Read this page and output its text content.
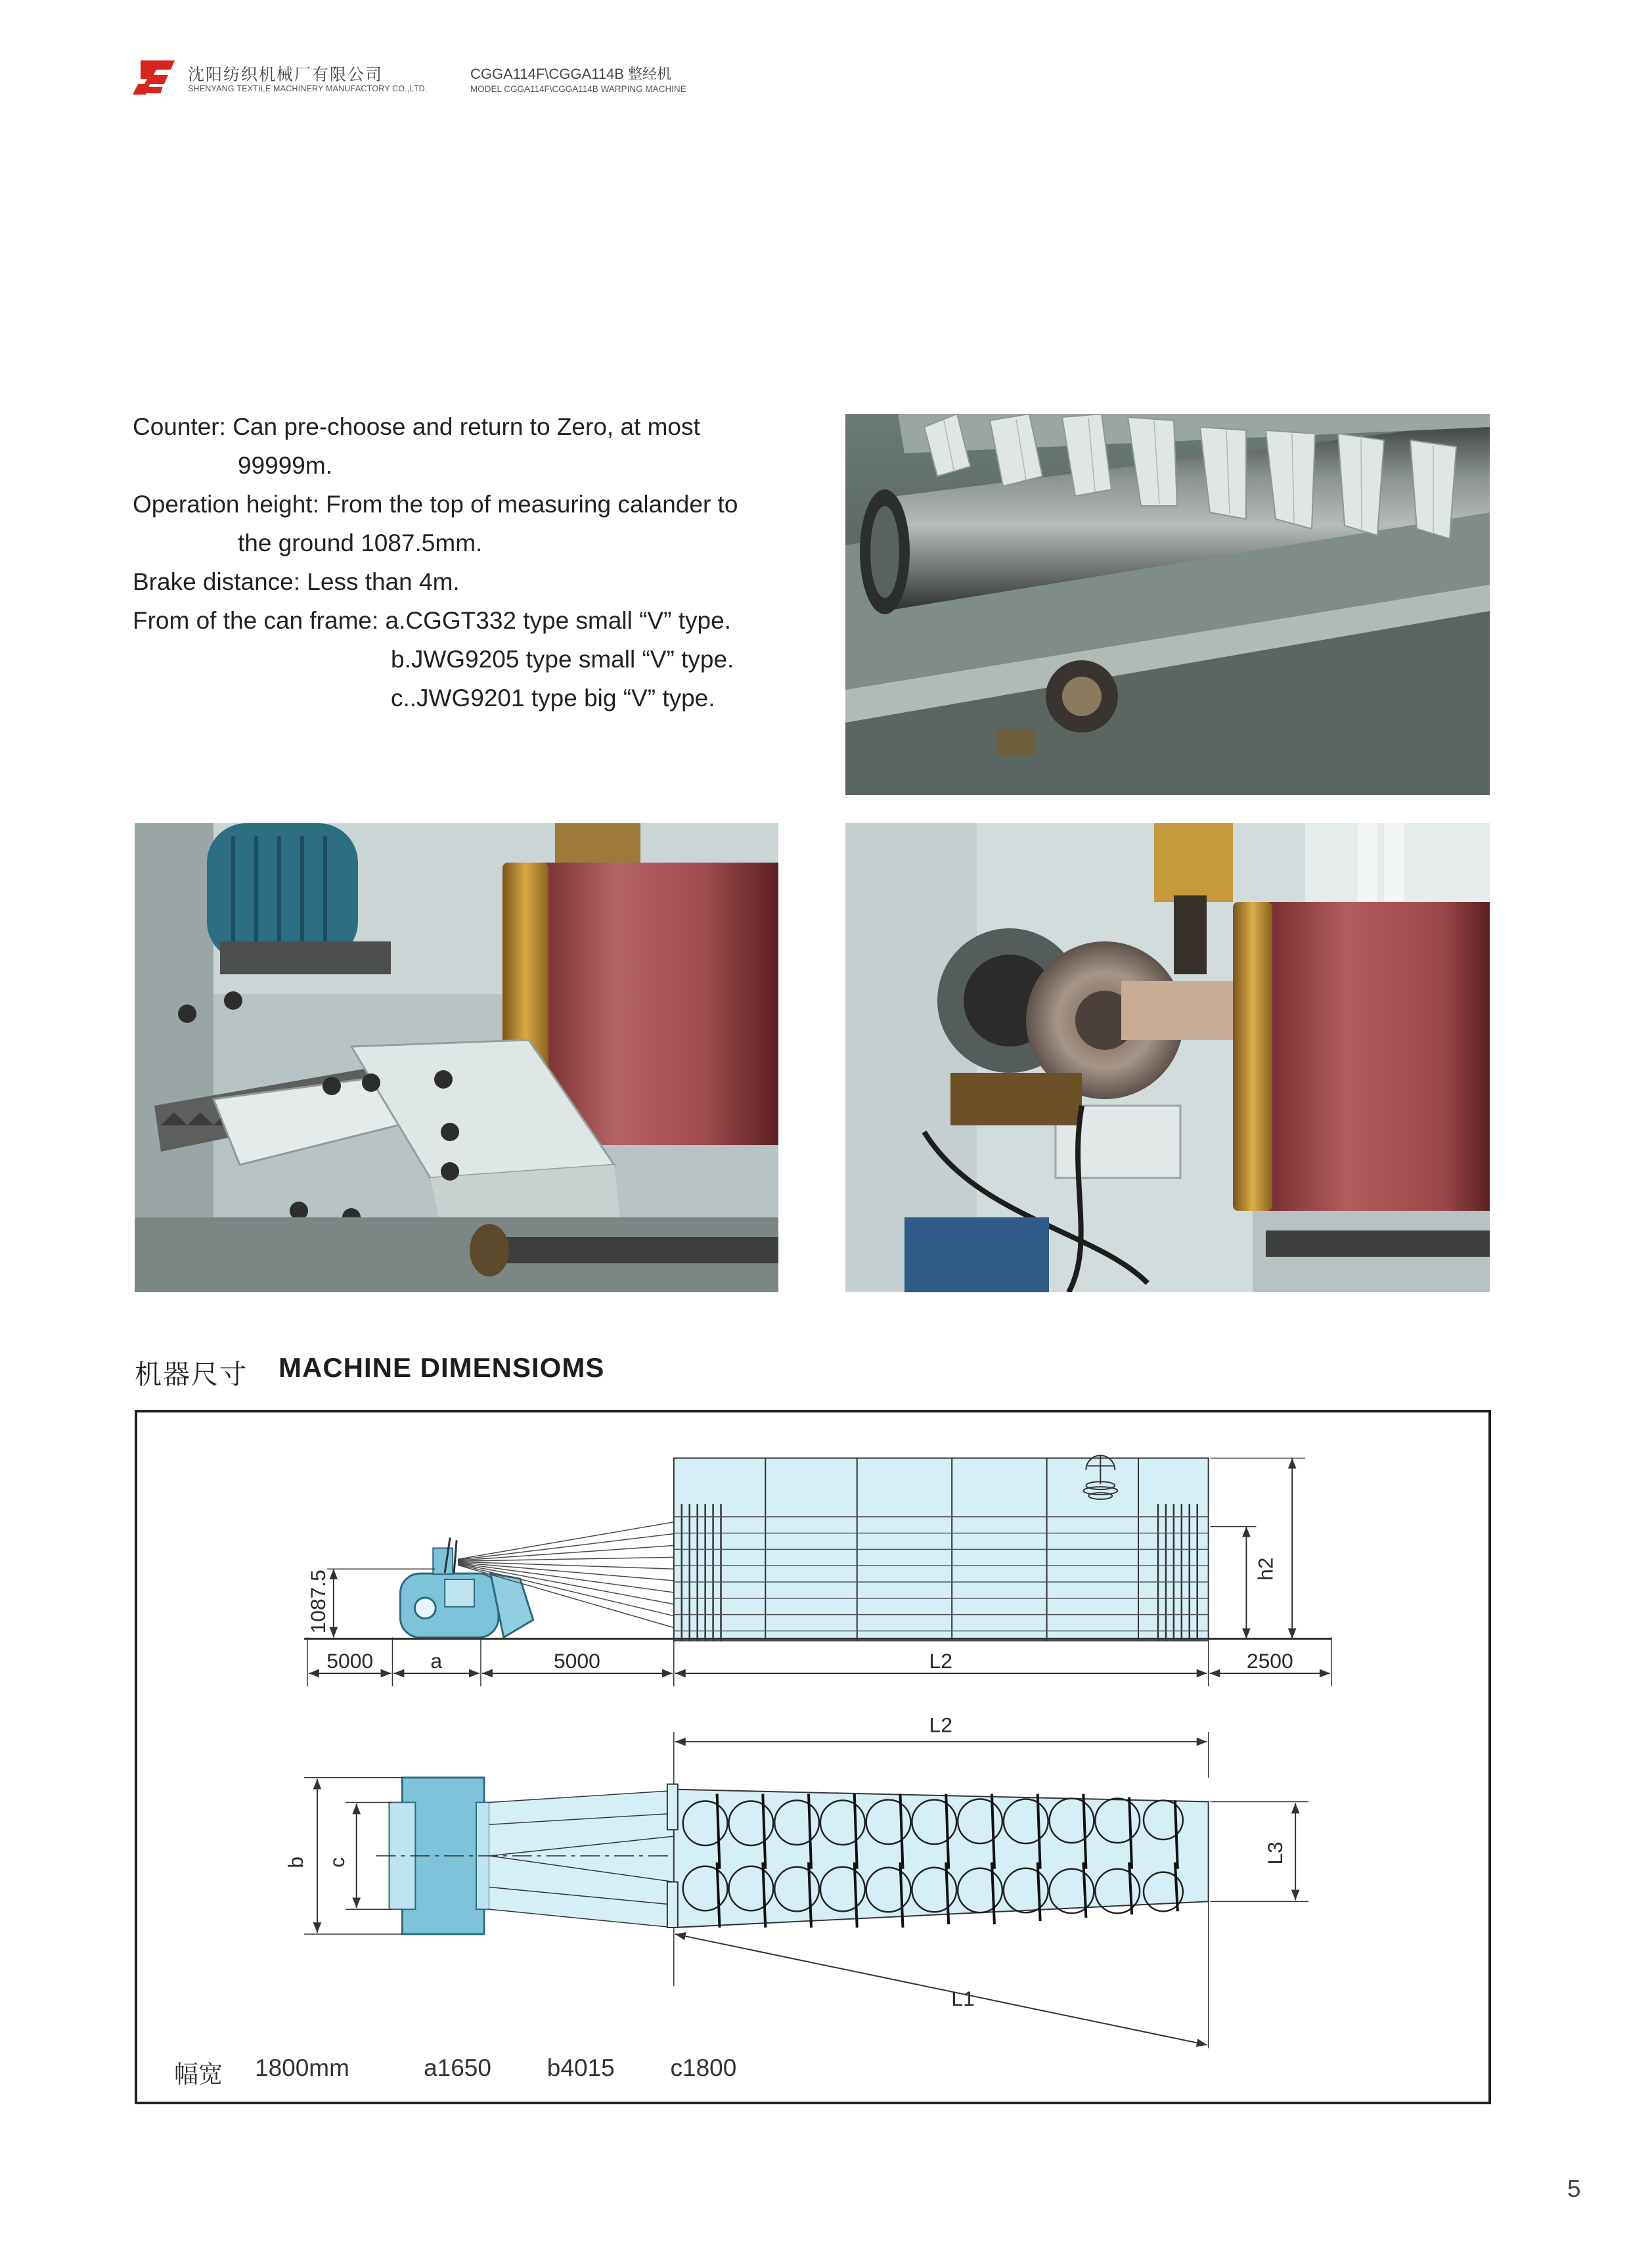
沈阳纺织机械厂有限公司
SHENYANG TEXTILE MACHINERY MANUFACTORY CO.,LTD.
CGGA114F\CGGA114B 整经机
MODEL CGGA114F\CGGA114B WARPING MACHINE
Counter: Can pre-choose and return to Zero, at most
99999m.
Operation height: From the top of measuring calander to
the ground 1087.5mm.
Brake distance: Less than 4m.
From of the can frame: a.CGGT332 type small “V” type.
b.JWG9205 type small “V” type.
c..JWG9201 type big “V” type.
机器尺寸 MACHINE DIMENSIOMS
1087.5
h2
5000	a	5000	L2	2500
L2
b c	L3
L1
幅宽 1800mm    a1650   b4015   c1800
5
